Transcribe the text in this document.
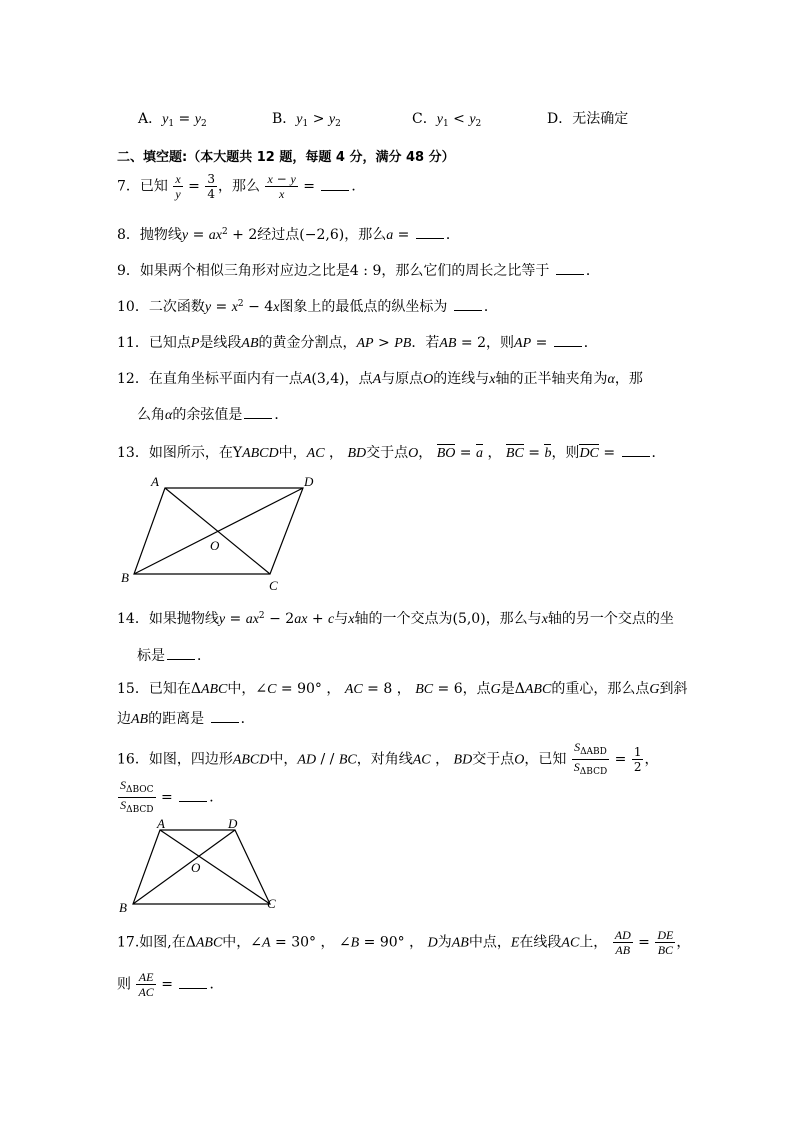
A．$y_1 = y_2$	B．$y_1 > y_2$	C．$y_1 < y_2$	D．无法确定
二、填空题:（本大题共 12 题，每题 4 分，满分 48 分）
7．已知 $\frac{x}{y} = \frac{3}{4}$ ，那么 $\frac{x - y}{x}$ = ．
8．抛物线$y = ax^2 + 2$经过点(−2,6)，那么a = ．
9．如果两个相似三角形对应边之比是4 : 9，那么它们的周长之比等于	．
10．二次函数$y = x^2 - 4x$图象上的最低点的纵坐标为	．
11．已知点P是线段AB的黄金分割点，AP > PB．若AB = 2，则AP = ．
12．在直角坐标平面内有一点A(3,4)，点A与原点O的连线与x轴的正半轴夹角为α，那
么角α的余弦值是 ．
13．如图所示，在YABCD中，AC ， BD交于点O， BO = a ， BC = b，则DC = ．
A	D
B
C
O
14．如果抛物线$y = ax^2 - 2ax + c$与x轴的一个交点为(5,0)，那么与x轴的另一个交点的坐
标是 ．
15．已知在ΔABC中，∠C = 90° ， AC = 8 ， BC = 6，点G是ΔABC的重心，那么点G到斜
边AB的距离是	．
16．如图，四边形ABCD中，AD / / BC，对角线AC ， BD交于点O，已知 $\frac{S_{\Delta ABD}}{S_{\Delta BCD}} = \frac{1}{2}$ ，
$\frac{S_{\Delta BOC}}{S_{\Delta BCD}}$ = ．
A	D
B	C
O
17.如图,在ΔABC中，∠A = 30° ， ∠B = 90° ， D为AB中点，E在线段AC上， $\frac{AD}{AB} = \frac{DE}{BC}$ ，
则 $\frac{AE}{AC}$ = ．
